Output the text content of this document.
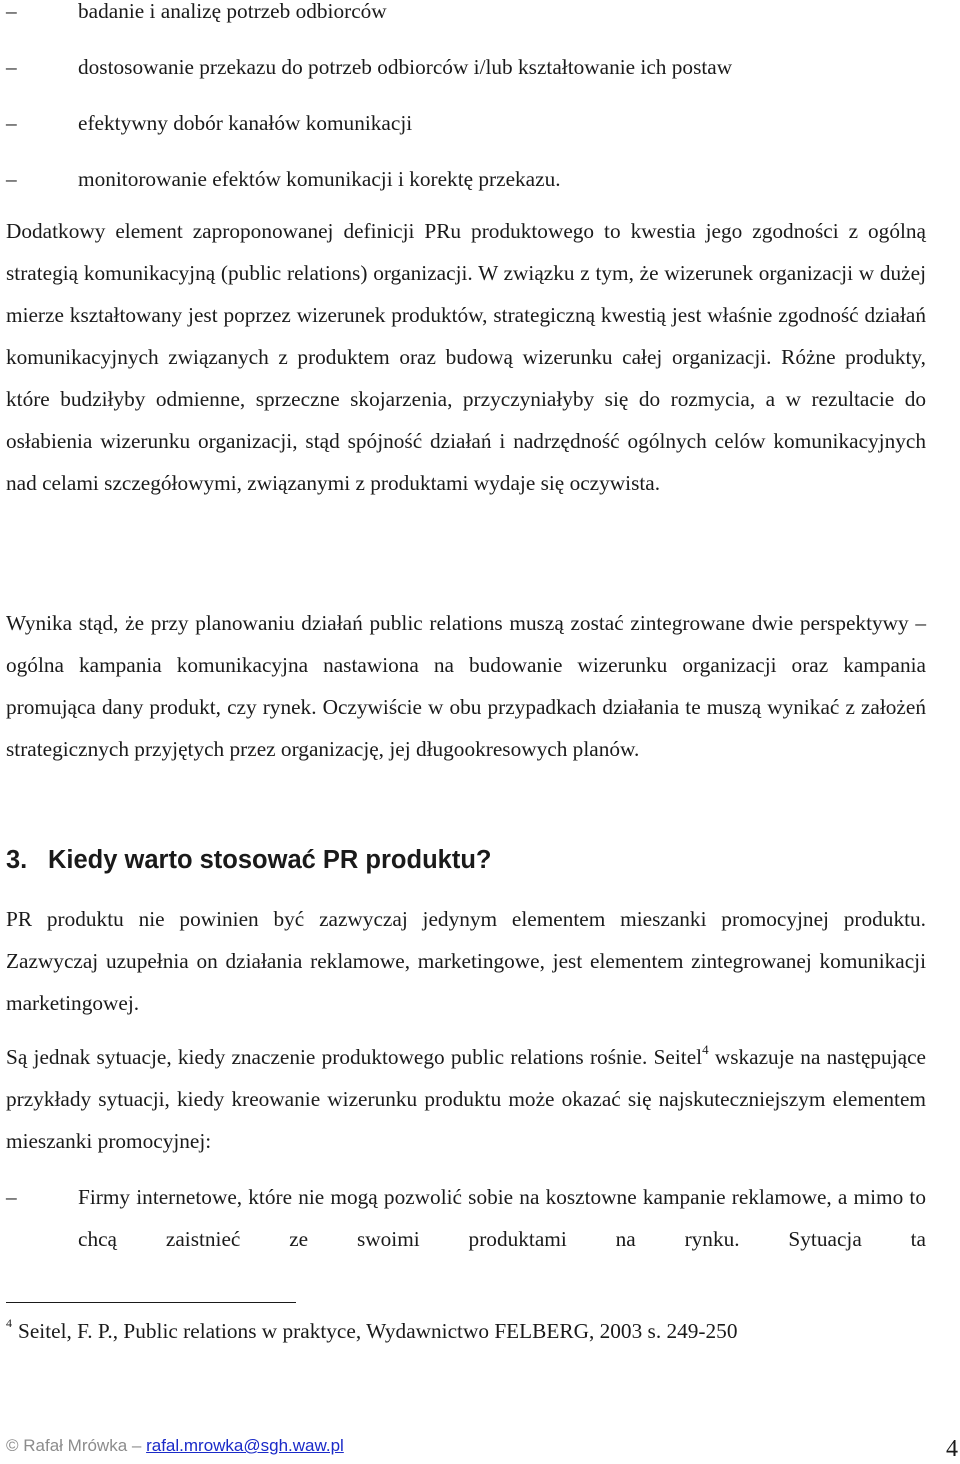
–	badanie i analizę potrzeb odbiorców
–	dostosowanie przekazu do potrzeb odbiorców i/lub kształtowanie ich postaw
–	efektywny dobór kanałów komunikacji
–	monitorowanie efektów komunikacji i korektę przekazu.

Dodatkowy element zaproponowanej definicji PRu produktowego to kwestia jego zgodności z ogólną strategią komunikacyjną (public relations) organizacji. W związku z tym, że wizerunek organizacji w dużej mierze kształtowany jest poprzez wizerunek produktów, strategiczną kwestią jest właśnie zgodność działań komunikacyjnych związanych z produktem oraz budową wizerunku całej organizacji. Różne produkty, które budziłyby odmienne, sprzeczne skojarzenia, przyczyniałyby się do rozmycia, a w rezultacie do osłabienia wizerunku organizacji, stąd spójność działań i nadrzędność ogólnych celów komunikacyjnych nad celami szczegółowymi, związanymi z produktami wydaje się oczywista.

Wynika stąd, że przy planowaniu działań public relations muszą zostać zintegrowane dwie perspektywy – ogólna kampania komunikacyjna nastawiona na budowanie wizerunku organizacji oraz kampania promująca dany produkt, czy rynek. Oczywiście w obu przypadkach działania te muszą wynikać z założeń strategicznych przyjętych przez organizację, jej długookresowych planów.

3. Kiedy warto stosować PR produktu?

PR produktu nie powinien być zazwyczaj jedynym elementem mieszanki promocyjnej produktu. Zazwyczaj uzupełnia on działania reklamowe, marketingowe, jest elementem zintegrowanej komunikacji marketingowej.

Są jednak sytuacje, kiedy znaczenie produktowego public relations rośnie. Seitel$^4$ wskazuje na następujące przykłady sytuacji, kiedy kreowanie wizerunku produktu może okazać się najskuteczniejszym elementem mieszanki promocyjnej:

–	Firmy internetowe, które nie mogą pozwolić sobie na kosztowne kampanie reklamowe, a mimo to chcą zaistnieć ze swoimi produktami na rynku. Sytuacja ta
$^4$ Seitel, F. P., Public relations w praktyce, Wydawnictwo FELBERG, 2003 s. 249-250
© Rafał Mrówka – rafal.mrowka@sgh.waw.pl	4
